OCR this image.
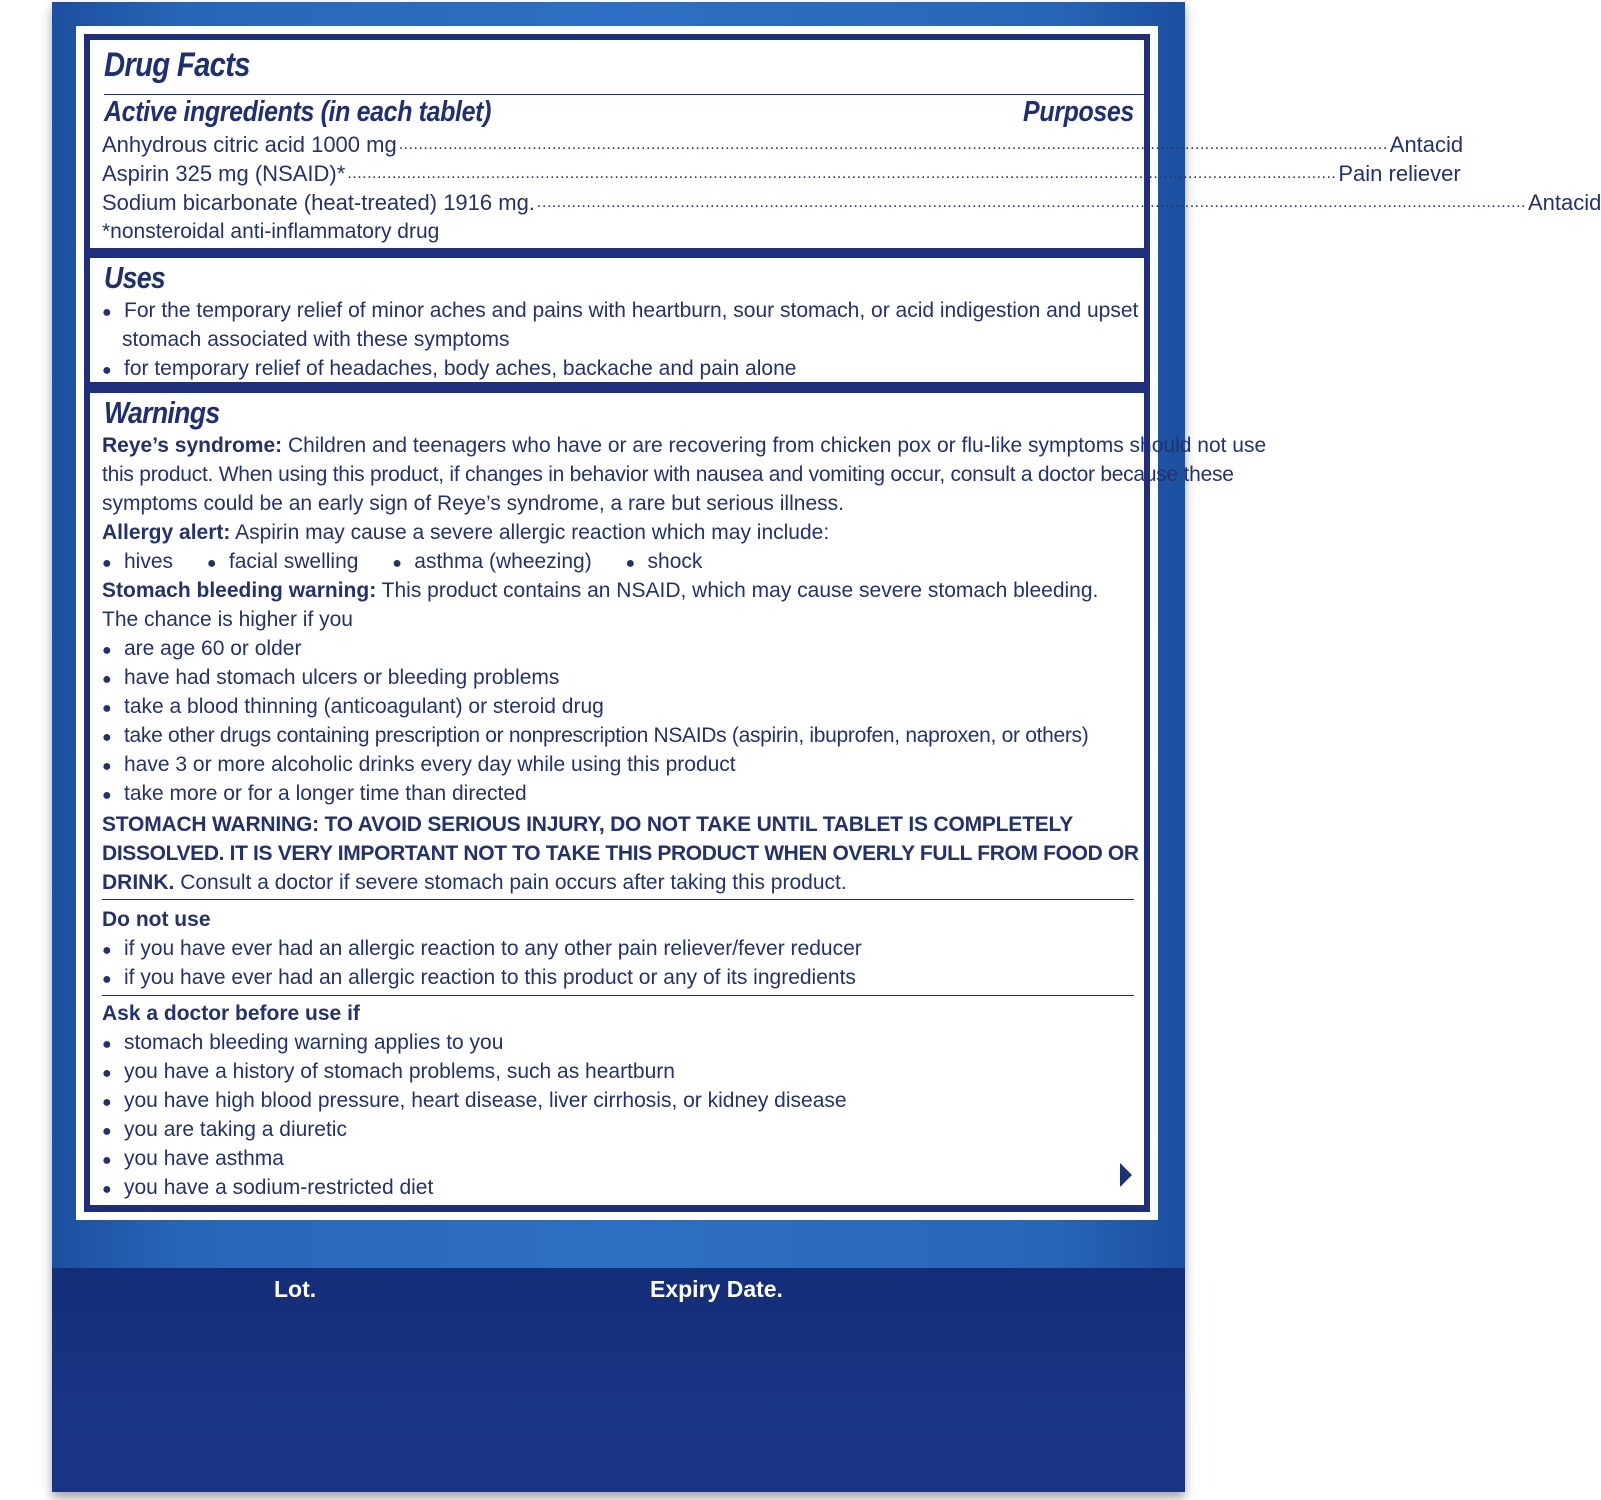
Drug Facts
Active ingredients (in each tablet)	Purposes
Anhydrous citric acid 1000 mg ........................................................................................................................................................................................................ Antacid
Aspirin 325 mg (NSAID)* ........................................................................................................................................................................................................ Pain reliever
Sodium bicarbonate (heat-treated) 1916 mg. ........................................................................................................................................................................................................ Antacid
*nonsteroidal anti-inflammatory drug
Uses
● For the temporary relief of minor aches and pains with heartburn, sour stomach, or acid indigestion and upset
stomach associated with these symptoms
● for temporary relief of headaches, body aches, backache and pain alone
Warnings
Reye’s syndrome: Children and teenagers who have or are recovering from chicken pox or flu-like symptoms should not use
this product. When using this product, if changes in behavior with nausea and vomiting occur, consult a doctor because these
symptoms could be an early sign of Reye’s syndrome, a rare but serious illness.
Allergy alert: Aspirin may cause a severe allergic reaction which may include:
● hives ● facial swelling ● asthma (wheezing) ● shock
Stomach bleeding warning: This product contains an NSAID, which may cause severe stomach bleeding.
The chance is higher if you
● are age 60 or older
● have had stomach ulcers or bleeding problems
● take a blood thinning (anticoagulant) or steroid drug
● take other drugs containing prescription or nonprescription NSAIDs (aspirin, ibuprofen, naproxen, or others)
● have 3 or more alcoholic drinks every day while using this product
● take more or for a longer time than directed
STOMACH WARNING: TO AVOID SERIOUS INJURY, DO NOT TAKE UNTIL TABLET IS COMPLETELY
DISSOLVED. IT IS VERY IMPORTANT NOT TO TAKE THIS PRODUCT WHEN OVERLY FULL FROM FOOD OR
DRINK. Consult a doctor if severe stomach pain occurs after taking this product.
Do not use
● if you have ever had an allergic reaction to any other pain reliever/fever reducer
● if you have ever had an allergic reaction to this product or any of its ingredients
Ask a doctor before use if
● stomach bleeding warning applies to you
● you have a history of stomach problems, such as heartburn
● you have high blood pressure, heart disease, liver cirrhosis, or kidney disease
● you are taking a diuretic
● you have asthma
● you have a sodium-restricted diet
Lot.	Expiry Date.
